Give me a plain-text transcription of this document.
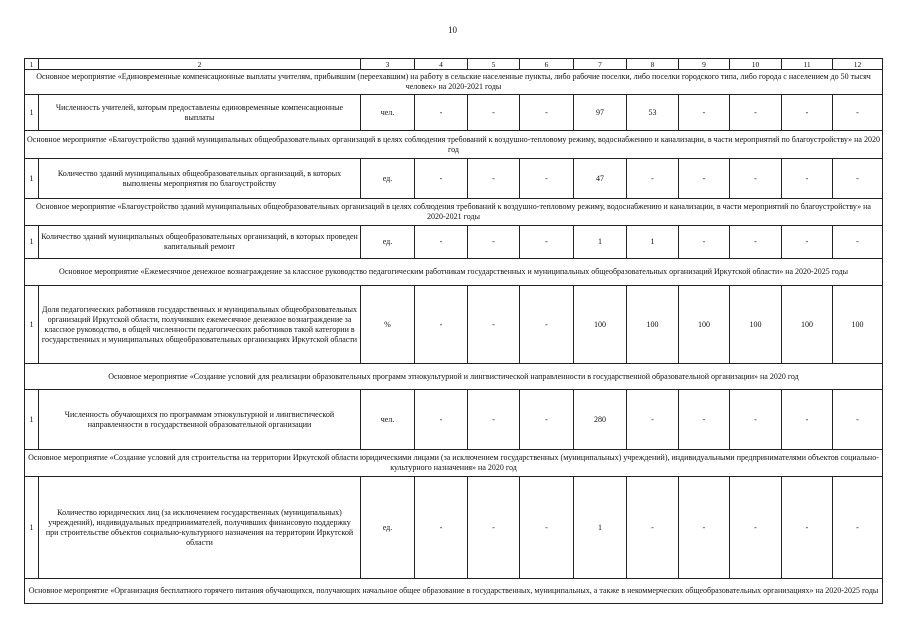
10
1	2	3	4	5	6	7	8	9	10	11	12
Основное мероприятие «Единовременные компенсационные выплаты учителям, прибывшим (переехавшим) на работу в сельские населенные пункты, либо рабочие поселки, либо поселки городского типа, либо города с населением до 50 тысяч человек» на 2020-2021 годы											
1	Численность учителей, которым предоставлены единовременные компенсационные выплаты	чел.	-	-	-	97	53	-	-	-	-
Основное мероприятие «Благоустройство зданий муниципальных общеобразовательных организаций в целях соблюдения требований к воздушно-тепловому режиму, водоснабжению и канализации, в части мероприятий по благоустройству» на 2020 год											
1	Количество зданий муниципальных общеобразовательных организаций, в которых выполнены мероприятия по благоустройству	ед.	-	-	-	47	-	-	-	-	-
Основное мероприятие «Благоустройство зданий муниципальных общеобразовательных организаций в целях соблюдения требований к воздушно-тепловому режиму, водоснабжению и канализации, в части мероприятий по благоустройству» на 2020-2021 годы											
1	Количество зданий муниципальных общеобразовательных организаций, в которых проведен капитальный ремонт	ед.	-	-	-	1	1	-	-	-	-
Основное мероприятие «Ежемесячное денежное вознаграждение за классное руководство педагогическим работникам государственных и муниципальных общеобразовательных организаций Иркутской области» на 2020-2025 годы											
1	Доля педагогических работников государственных и муниципальных общеобразовательных организаций Иркутской области, получивших ежемесячное денежное вознаграждение за классное руководство, в общей численности педагогических работников такой категории в государственных и муниципальных общеобразовательных организациях Иркутской области	%	-	-	-	100	100	100	100	100	100
Основное мероприятие «Создание условий для реализации образовательных программ этнокультурной и лингвистической направленности в государственной образовательной организации» на 2020 год											
1	Численность обучающихся по программам этнокультурной и лингвистической направленности в государственной образовательной организации	чел.	-	-	-	280	-	-	-	-	-
Основное мероприятие «Создание условий для строительства на территории Иркутской области юридическими лицами (за исключением государственных (муниципальных) учреждений), индивидуальными предпринимателями объектов социально-культурного назначения» на 2020 год											
1	Количество юридических лиц (за исключением государственных (муниципальных) учреждений), индивидуальных предпринимателей, получивших финансовую поддержку при строительстве объектов социально-культурного назначения на территории Иркутской области	ед.	-	-	-	1	-	-	-	-	-
Основное мероприятие «Организация бесплатного горячего питания обучающихся, получающих начальное общее образование в государственных, муниципальных, а также в некоммерческих общеобразовательных организациях» на 2020-2025 годы											
